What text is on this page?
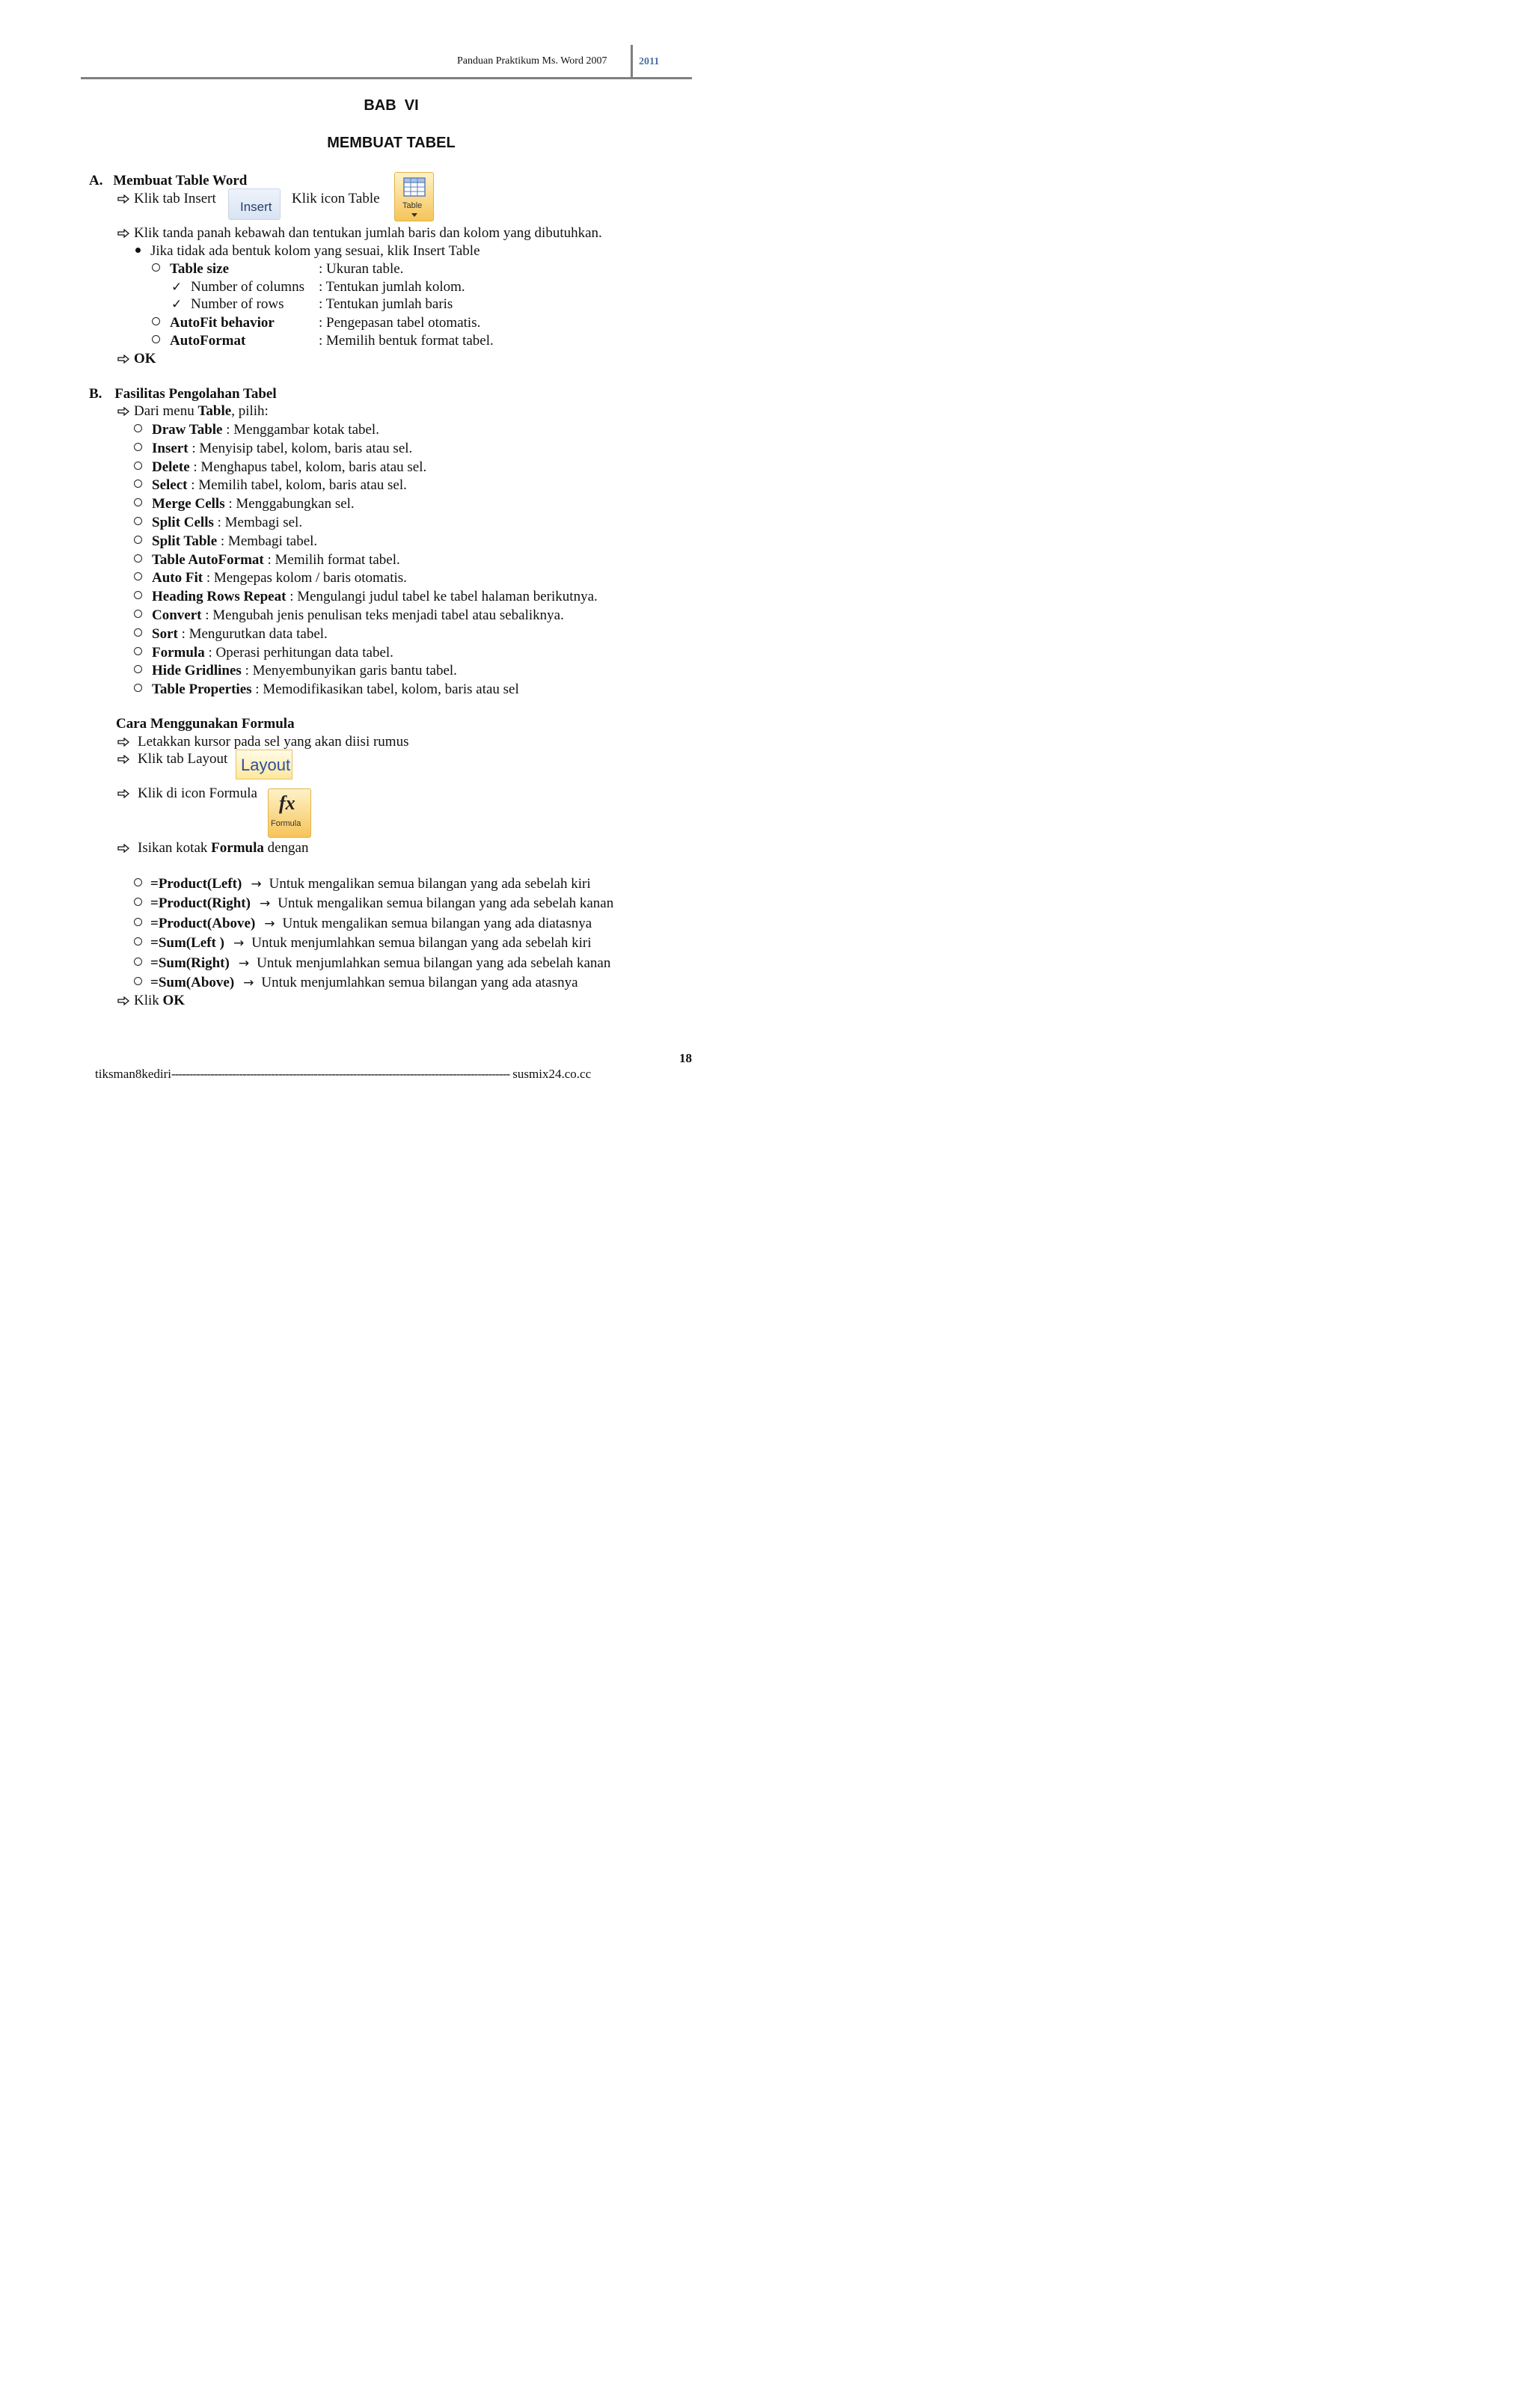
Panduan Praktikum Ms. Word 2007	2011
BAB  VI
MEMBUAT TABEL
A. Membuat Table Word
Klik tab Insert
Insert
Klik icon Table	Table
Klik tanda panah kebawah dan tentukan jumlah baris dan kolom yang dibutuhkan.
Jika tidak ada bentuk kolom yang sesuai, klik Insert Table
Table size	: Ukuran table.
✓ Number of columns : Tentukan jumlah kolom.
✓ Number of rows : Tentukan jumlah baris
AutoFit behavior	: Pengepasan tabel otomatis.
AutoFormat	: Memilih bentuk format tabel.
OK
B. Fasilitas Pengolahan Tabel
Dari menu Table, pilih:
Draw Table : Menggambar kotak tabel.
Insert : Menyisip tabel, kolom, baris atau sel.
Delete : Menghapus tabel, kolom, baris atau sel.
Select : Memilih tabel, kolom, baris atau sel.
Merge Cells : Menggabungkan sel.
Split Cells : Membagi sel.
Split Table : Membagi tabel.
Table AutoFormat : Memilih format tabel.
Auto Fit : Mengepas kolom / baris otomatis.
Heading Rows Repeat : Mengulangi judul tabel ke tabel halaman berikutnya.
Convert : Mengubah jenis penulisan teks menjadi tabel atau sebaliknya.
Sort : Mengurutkan data tabel.
Formula : Operasi perhitungan data tabel.
Hide Gridlines : Menyembunyikan garis bantu tabel.
Table Properties : Memodifikasikan tabel, kolom, baris atau sel
Cara Menggunakan Formula
Letakkan kursor pada sel yang akan diisi rumus
Klik tab Layout Layout
Klik di icon Formula fx
Formula
Isikan kotak Formula dengan
=Product(Left) → Untuk mengalikan semua bilangan yang ada sebelah kiri
=Product(Right) → Untuk mengalikan semua bilangan yang ada sebelah kanan
=Product(Above) → Untuk mengalikan semua bilangan yang ada diatasnya
=Sum(Left ) → Untuk menjumlahkan semua bilangan yang ada sebelah kiri
=Sum(Right) → Untuk menjumlahkan semua bilangan yang ada sebelah kanan
=Sum(Above) → Untuk menjumlahkan semua bilangan yang ada atasnya
Klik OK
18
tiksman8kediri----------------------------------------------------------------------------------------------- susmix24.co.cc
